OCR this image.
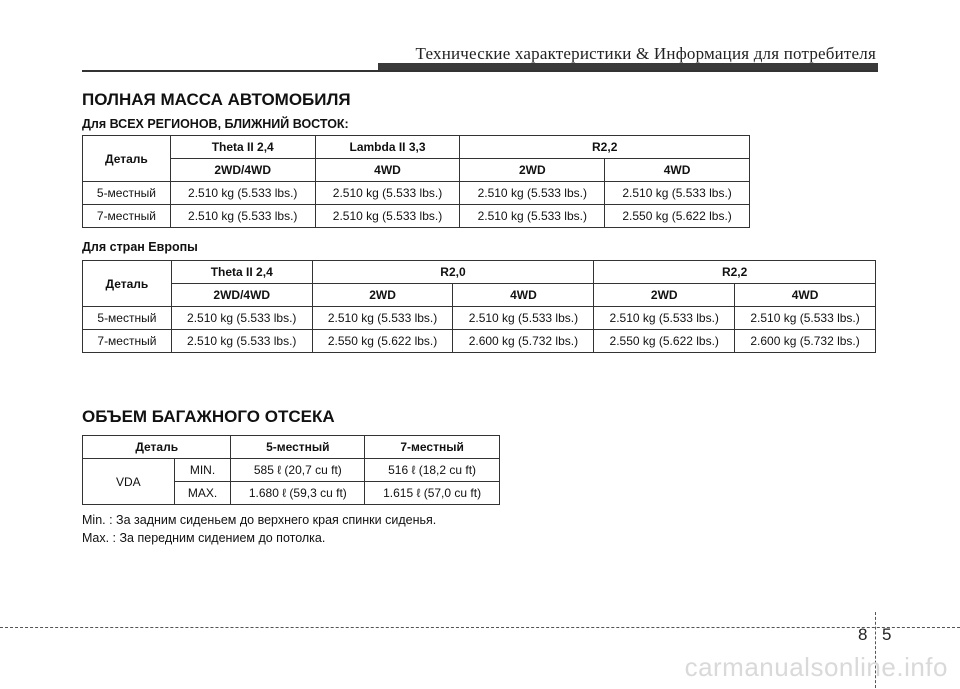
Технические характеристики & Информация для потребителя
ПОЛНАЯ МАССА АВТОМОБИЛЯ
Для ВСЕХ РЕГИОНОВ, БЛИЖНИЙ ВОСТОК:
Деталь	Theta II 2,4	Lambda II 3,3	R2,2
2WD/4WD	4WD	2WD	4WD
5-местный	2.510 kg (5.533 lbs.)	2.510 kg (5.533 lbs.)	2.510 kg (5.533 lbs.)	2.510 kg (5.533 lbs.)
7-местный	2.510 kg (5.533 lbs.)	2.510 kg (5.533 lbs.)	2.510 kg (5.533 lbs.)	2.550 kg (5.622 lbs.)
Для стран Европы
Деталь	Theta II 2,4	R2,0	R2,2
2WD/4WD	2WD	4WD	2WD	4WD
5-местный	2.510 kg (5.533 lbs.)	2.510 kg (5.533 lbs.)	2.510 kg (5.533 lbs.)	2.510 kg (5.533 lbs.)	2.510 kg (5.533 lbs.)
7-местный	2.510 kg (5.533 lbs.)	2.550 kg (5.622 lbs.)	2.600 kg (5.732 lbs.)	2.550 kg (5.622 lbs.)	2.600 kg (5.732 lbs.)
ОБЪЕМ БАГАЖНОГО ОТСЕКА
Деталь	5-местный	7-местный
VDA	MIN.	585 ℓ (20,7 cu ft)	516 ℓ (18,2 cu ft)
MAX.	1.680 ℓ (59,3 cu ft)	1.615 ℓ (57,0 cu ft)
Min. : За задним сиденьем до верхнего края спинки сиденья.
Max. : За передним сидением до потолка.
8 5
carmanualsonline.info
